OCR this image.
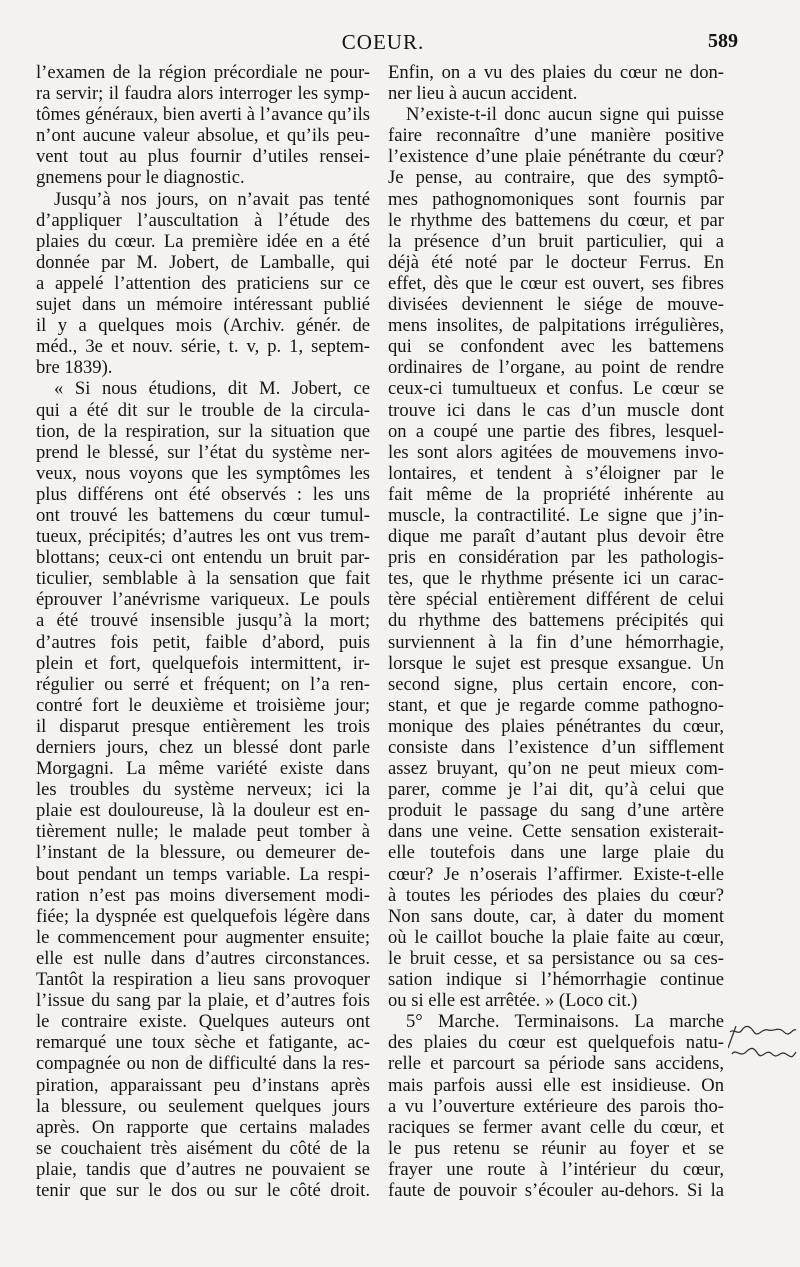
COEUR.	589
l’examen de la région précordiale ne pour-
ra servir; il faudra alors interroger les symp-
tômes généraux, bien averti à l’avance qu’ils
n’ont aucune valeur absolue, et qu’ils peu-
vent tout au plus fournir d’utiles rensei-
gnemens pour le diagnostic.
Jusqu’à nos jours, on n’avait pas tenté
d’appliquer l’auscultation à l’étude des
plaies du cœur. La première idée en a été
donnée par M. Jobert, de Lamballe, qui
a appelé l’attention des praticiens sur ce
sujet dans un mémoire intéressant publié
il y a quelques mois (Archiv. génér. de
méd., 3e et nouv. série, t. v, p. 1, septem-
bre 1839).
« Si nous étudions, dit M. Jobert, ce
qui a été dit sur le trouble de la circula-
tion, de la respiration, sur la situation que
prend le blessé, sur l’état du système ner-
veux, nous voyons que les symptômes les
plus différens ont été observés : les uns
ont trouvé les battemens du cœur tumul-
tueux, précipités; d’autres les ont vus trem-
blottans; ceux-ci ont entendu un bruit par-
ticulier, semblable à la sensation que fait
éprouver l’anévrisme variqueux. Le pouls
a été trouvé insensible jusqu’à la mort;
d’autres fois petit, faible d’abord, puis
plein et fort, quelquefois intermittent, ir-
régulier ou serré et fréquent; on l’a ren-
contré fort le deuxième et troisième jour;
il disparut presque entièrement les trois
derniers jours, chez un blessé dont parle
Morgagni. La même variété existe dans
les troubles du système nerveux; ici la
plaie est douloureuse, là la douleur est en-
tièrement nulle; le malade peut tomber à
l’instant de la blessure, ou demeurer de-
bout pendant un temps variable. La respi-
ration n’est pas moins diversement modi-
fiée; la dyspnée est quelquefois légère dans
le commencement pour augmenter ensuite;
elle est nulle dans d’autres circonstances.
Tantôt la respiration a lieu sans provoquer
l’issue du sang par la plaie, et d’autres fois
le contraire existe. Quelques auteurs ont
remarqué une toux sèche et fatigante, ac-
compagnée ou non de difficulté dans la res-
piration, apparaissant peu d’instans après
la blessure, ou seulement quelques jours
après. On rapporte que certains malades
se couchaient très aisément du côté de la
plaie, tandis que d’autres ne pouvaient se
tenir que sur le dos ou sur le côté droit.
Enfin, on a vu des plaies du cœur ne don-
ner lieu à aucun accident.
N’existe-t-il donc aucun signe qui puisse
faire reconnaître d’une manière positive
l’existence d’une plaie pénétrante du cœur?
Je pense, au contraire, que des symptô-
mes pathognomoniques sont fournis par
le rhythme des battemens du cœur, et par
la présence d’un bruit particulier, qui a
déjà été noté par le docteur Ferrus. En
effet, dès que le cœur est ouvert, ses fibres
divisées deviennent le siége de mouve-
mens insolites, de palpitations irrégulières,
qui se confondent avec les battemens
ordinaires de l’organe, au point de rendre
ceux-ci tumultueux et confus. Le cœur se
trouve ici dans le cas d’un muscle dont
on a coupé une partie des fibres, lesquel-
les sont alors agitées de mouvemens invo-
lontaires, et tendent à s’éloigner par le
fait même de la propriété inhérente au
muscle, la contractilité. Le signe que j’in-
dique me paraît d’autant plus devoir être
pris en considération par les pathologis-
tes, que le rhythme présente ici un carac-
tère spécial entièrement différent de celui
du rhythme des battemens précipités qui
surviennent à la fin d’une hémorrhagie,
lorsque le sujet est presque exsangue. Un
second signe, plus certain encore, con-
stant, et que je regarde comme pathogno-
monique des plaies pénétrantes du cœur,
consiste dans l’existence d’un sifflement
assez bruyant, qu’on ne peut mieux com-
parer, comme je l’ai dit, qu’à celui que
produit le passage du sang d’une artère
dans une veine. Cette sensation existerait-
elle toutefois dans une large plaie du
cœur? Je n’oserais l’affirmer. Existe-t-elle
à toutes les périodes des plaies du cœur?
Non sans doute, car, à dater du moment
où le caillot bouche la plaie faite au cœur,
le bruit cesse, et sa persistance ou sa ces-
sation indique si l’hémorrhagie continue
ou si elle est arrêtée. » (Loco cit.)
5° Marche. Terminaisons. La marche
des plaies du cœur est quelquefois natu-
relle et parcourt sa période sans accidens,
mais parfois aussi elle est insidieuse. On
a vu l’ouverture extérieure des parois tho-
raciques se fermer avant celle du cœur, et
le pus retenu se réunir au foyer et se
frayer une route à l’intérieur du cœur,
faute de pouvoir s’écouler au-dehors. Si la
